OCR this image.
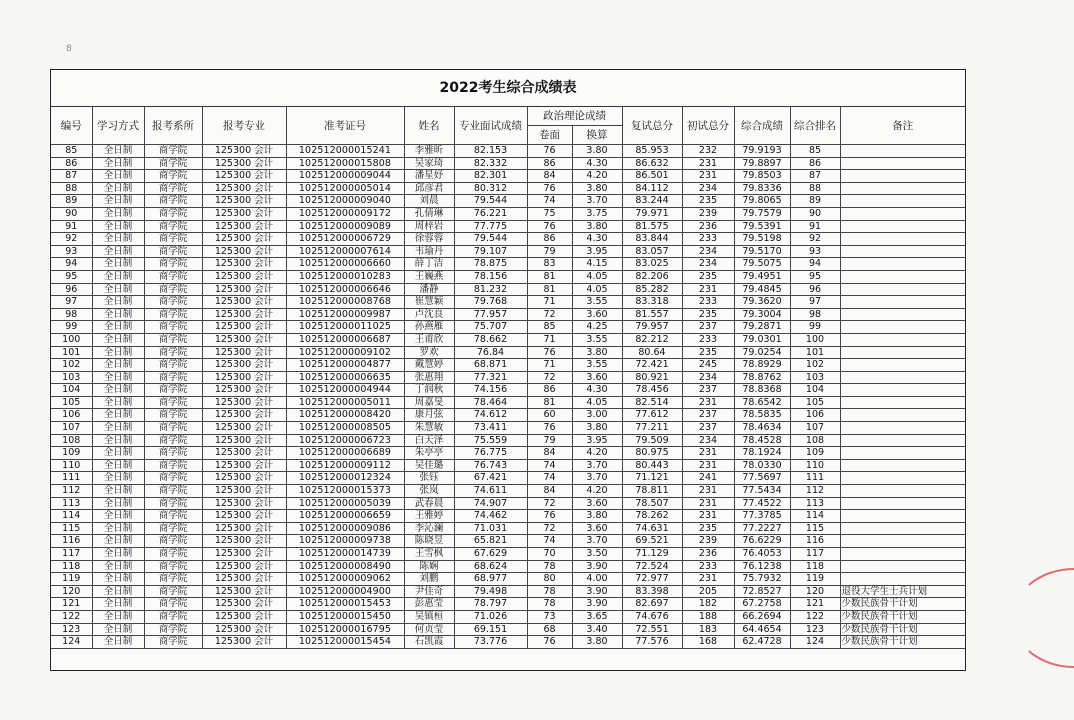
8
2022考生综合成绩表
编号	学习方式	报考系所	报考专业	准考证号	姓名	专业面试成绩	政治理论成绩		复试总分	初试总分	综合成绩	综合排名	备注
							卷面	换算					
85	全日制	商学院	125300 会计	102512000015241	李雅昕	82.153	76	3.80	85.953	232	79.9193	85	
86	全日制	商学院	125300 会计	102512000015808	吴家琦	82.332	86	4.30	86.632	231	79.8897	86	
87	全日制	商学院	125300 会计	102512000009044	潘星妤	82.301	84	4.20	86.501	231	79.8503	87	
88	全日制	商学院	125300 会计	102512000005014	邱彦君	80.312	76	3.80	84.112	234	79.8336	88	
89	全日制	商学院	125300 会计	102512000009040	刘晨	79.544	74	3.70	83.244	235	79.8065	89	
90	全日制	商学院	125300 会计	102512000009172	孔倩琳	76.221	75	3.75	79.971	239	79.7579	90	
91	全日制	商学院	125300 会计	102512000009089	周梓岩	77.775	76	3.80	81.575	236	79.5391	91	
92	全日制	商学院	125300 会计	102512000006729	徐蓉蓉	79.544	86	4.30	83.844	233	79.5198	92	
93	全日制	商学院	125300 会计	102512000007614	韦瑜丹	79.107	79	3.95	83.057	234	79.5170	93	
94	全日制	商学院	125300 会计	102512000006660	薛丁洁	78.875	83	4.15	83.025	234	79.5075	94	
95	全日制	商学院	125300 会计	102512000010283	王巍燕	78.156	81	4.05	82.206	235	79.4951	95	
96	全日制	商学院	125300 会计	102512000006646	潘静	81.232	81	4.05	85.282	231	79.4845	96	
97	全日制	商学院	125300 会计	102512000008768	崔慧颖	79.768	71	3.55	83.318	233	79.3620	97	
98	全日制	商学院	125300 会计	102512000009987	卢沈良	77.957	72	3.60	81.557	235	79.3004	98	
99	全日制	商学院	125300 会计	102512000011025	孙燕雁	75.707	85	4.25	79.957	237	79.2871	99	
100	全日制	商学院	125300 会计	102512000006687	王甫欣	78.662	71	3.55	82.212	233	79.0301	100	
101	全日制	商学院	125300 会计	102512000009102	罗欢	76.84	76	3.80	80.64	235	79.0254	101	
102	全日制	商学院	125300 会计	102512000004877	戴慧婷	68.871	71	3.55	72.421	245	78.8929	102	
103	全日制	商学院	125300 会计	102512000006635	张惠翔	77.321	72	3.60	80.921	234	78.8762	103	
104	全日制	商学院	125300 会计	102512000004944	丁润秋	74.156	86	4.30	78.456	237	78.8368	104	
105	全日制	商学院	125300 会计	102512000005011	周嘉旻	78.464	81	4.05	82.514	231	78.6542	105	
106	全日制	商学院	125300 会计	102512000008420	康月弦	74.612	60	3.00	77.612	237	78.5835	106	
107	全日制	商学院	125300 会计	102512000008505	朱慧敏	73.411	76	3.80	77.211	237	78.4634	107	
108	全日制	商学院	125300 会计	102512000006723	白天泽	75.559	79	3.95	79.509	234	78.4528	108	
109	全日制	商学院	125300 会计	102512000006689	朱亭亭	76.775	84	4.20	80.975	231	78.1924	109	
110	全日制	商学院	125300 会计	102512000009112	吴佳璐	76.743	74	3.70	80.443	231	78.0330	110	
111	全日制	商学院	125300 会计	102512000012324	张钰	67.421	74	3.70	71.121	241	77.5697	111	
112	全日制	商学院	125300 会计	102512000015373	张岚	74.611	84	4.20	78.811	231	77.5434	112	
113	全日制	商学院	125300 会计	102512000005039	武春晨	74.907	72	3.60	78.507	231	77.4522	113	
114	全日制	商学院	125300 会计	102512000006659	王雅婷	74.462	76	3.80	78.262	231	77.3785	114	
115	全日制	商学院	125300 会计	102512000009086	李沁澜	71.031	72	3.60	74.631	235	77.2227	115	
116	全日制	商学院	125300 会计	102512000009738	陈晓昱	65.821	74	3.70	69.521	239	76.6229	116	
117	全日制	商学院	125300 会计	102512000014739	王雪枫	67.629	70	3.50	71.129	236	76.4053	117	
118	全日制	商学院	125300 会计	102512000008490	陈娴	68.624	78	3.90	72.524	233	76.1238	118	
119	全日制	商学院	125300 会计	102512000009062	刘鹏	68.977	80	4.00	72.977	231	75.7932	119	
120	全日制	商学院	125300 会计	102512000004900	尹佳奇	79.498	78	3.90	83.398	205	72.8527	120	退役大学生士兵计划
121	全日制	商学院	125300 会计	102512000015453	彭惠莹	78.797	78	3.90	82.697	182	67.2758	121	少数民族骨干计划
122	全日制	商学院	125300 会计	102512000015450	吴镇桓	71.026	73	3.65	74.676	188	66.2694	122	少数民族骨干计划
123	全日制	商学院	125300 会计	102512000016795	何贞莹	69.151	68	3.40	72.551	183	64.4654	123	少数民族骨干计划
124	全日制	商学院	125300 会计	102512000015454	石凯霞	73.776	76	3.80	77.576	168	62.4728	124	少数民族骨干计划
